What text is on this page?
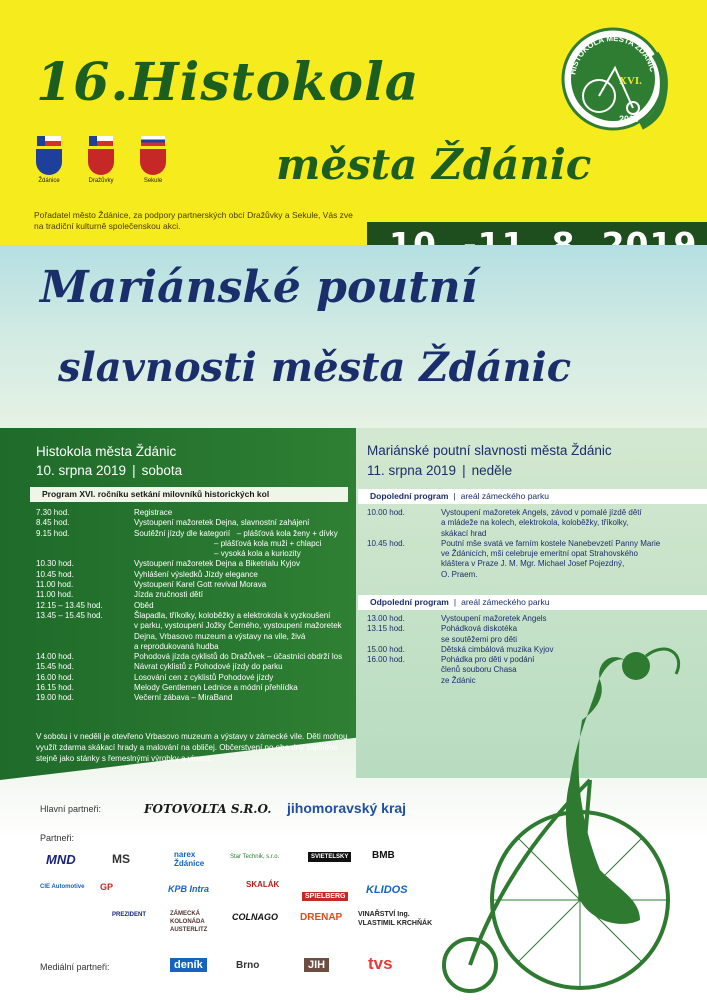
16.Histokola
města Ždánic
HISTOKOLA MĚSTA ŽDÁNIC
XVI.
2019
Ždánice	Dražůvky	Sekule
Pořadatel město Ždánice, za podpory partnerských obcí Dražůvky a Sekule, Vás zve na tradiční kulturně společenskou akci.
Mariánské poutní
slavnosti města Ždánic
Histokola města Ždánic
10. srpna 2019 | sobota
Program XVI. ročníku setkání milovníků historických kol
7.30 hod.	Registrace
8.45 hod.	Vystoupení mažoretek Dejna, slavnostní zahájení
9.15 hod.	Soutěžní jízdy dle kategorií   – plášťová kola ženy + dívky
– plášťová kola muži + chlapci
– vysoká kola a kuriozity
10.30 hod.	Vystoupení mažoretek Dejna a Biketrialu Kyjov
10.45 hod.	Vyhlášení výsledků Jízdy elegance
11.00 hod.	Vystoupení Karel Gott revival Morava
11.00 hod.	Jízda zručnosti dětí
12.15 – 13.45 hod.	Oběd
13.45 – 15.45 hod.	Šlapadla, tříkolky, koloběžky a elektrokola k vyzkoušení
v parku, vystoupení Jožky Černého, vystoupení mažoretek
Dejna, Vrbasovo muzeum a výstavy na vile, živá
a reprodukovaná hudba
14.00 hod.	Pohodová jízda cyklistů do Dražůvek – účastníci obdrží los
15.45 hod.	Návrat cyklistů z Pohodové jízdy do parku
16.00 hod.	Losování cen z cyklistů Pohodové jízdy
16.15 hod.	Melody Gentlemen Lednice a módní přehlídka
19.00 hod.	Večerní zábava – MiraBand
V sobotu i v neděli je otevřeno Vrbasovo muzeum a výstavy v zámecké vile. Děti mohou využít zdarma skákací hrady a malování na obličej. Občerstvení po oba dny zajištěno stejně jako stánky s řemeslnými výrobky a vínem.
Mariánské poutní slavnosti města Ždánic
11. srpna 2019 | neděle
Dopolední program | areál zámeckého parku
10.00 hod.	Vystoupení mažoretek Angels, závod v pomalé jízdě dětí
a mládeže na kolech, elektrokola, koloběžky, tříkolky,
skákací hrad
10.45 hod.	Poutní mše svatá ve farním kostele Nanebevzetí Panny Marie
ve Ždánicích, mši celebruje emeritní opat Strahovského
kláštera v Praze J. M. Mgr. Michael Josef Pojezdný,
O. Praem.
Odpolední program | areál zámeckého parku
13.00 hod.	Vystoupení mažoretek Angels
13.15 hod.	Pohádková diskotéka
se soutěžemi pro děti
15.00 hod.	Dětská cimbálová muzika Kyjov
16.00 hod.	Pohádka pro děti v podání
členů souboru Chasa
ze Ždánic
Hlavní partneři:	FOTOVOLTA S.R.O. jihomoravský kraj
Partneři:
MND	MS	narex Ždánice
Star Technik, s.r.o.	SVIETELSKY	BMB
CIE Automotive GP	KPB Intra	SKALÁK
SPIELBERG
KLIDOS
PREZIDENT	ZÁMECKÁ KOLONÁDA AUSTERLITZ
COLNAGO DRENAP VINAŘSTVÍ Ing. VLASTIMIL KRCHŇÁK
Mediální partneři:	deník	Brno	JIH	tvs
